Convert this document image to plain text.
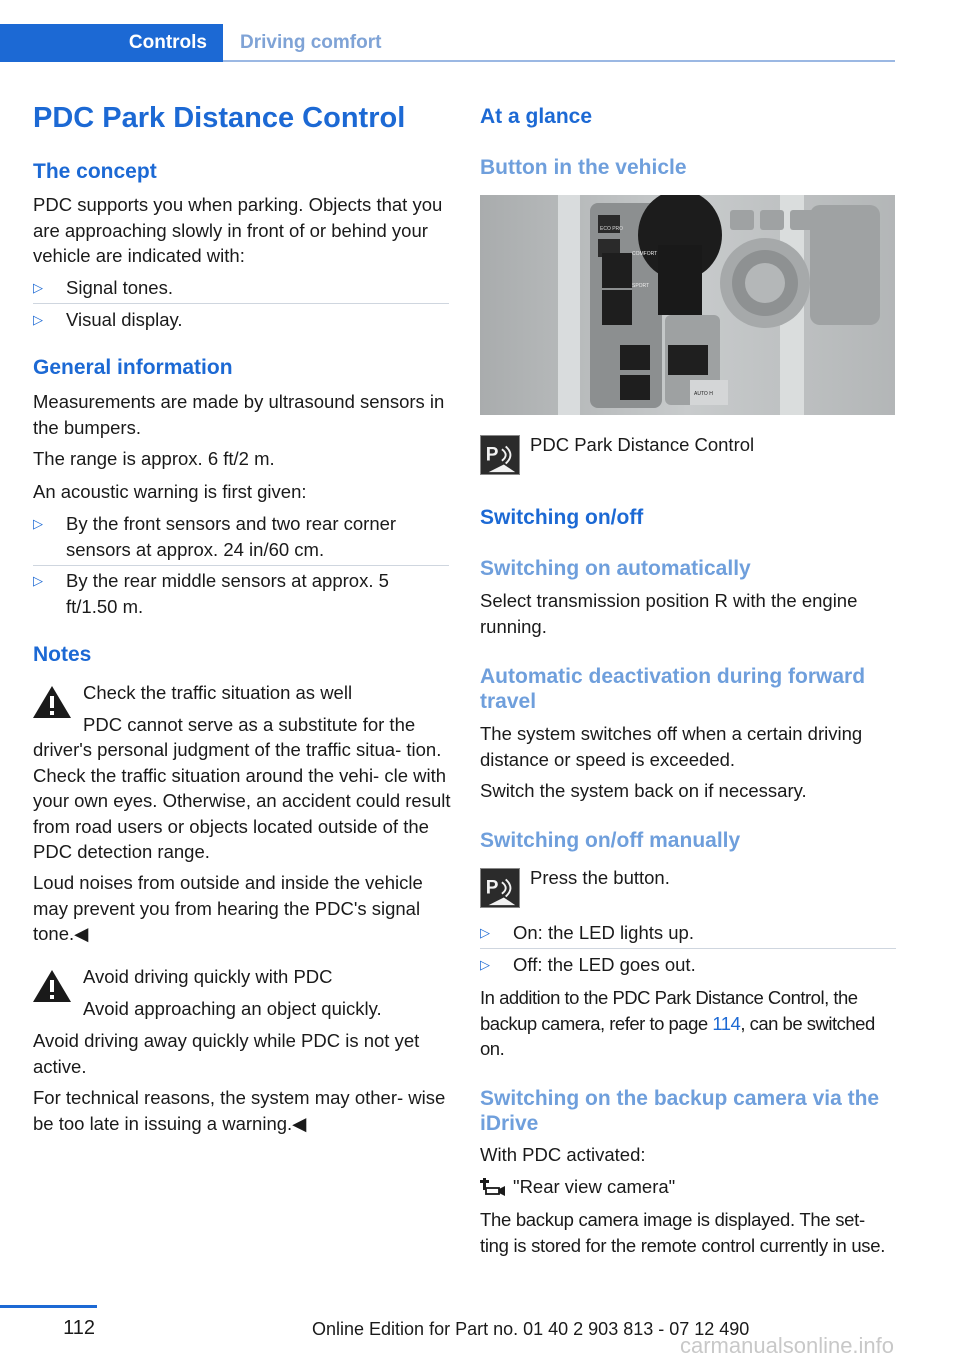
Controls	Driving comfort
PDC Park Distance Control
The concept
PDC supports you when parking. Objects that you are approaching slowly in front of or behind your vehicle are indicated with:
▷ Signal tones.
▷ Visual display.
General information
Measurements are made by ultrasound sensors in the bumpers.
The range is approx. 6 ft/2 m.
An acoustic warning is first given:
▷ By the front sensors and two rear corner sensors at approx. 24 in/60 cm.
▷ By the rear middle sensors at approx. 5 ft/1.50 m.
Notes
Check the traffic situation as well
PDC cannot serve as a substitute for the
driver's personal judgment of the traffic situa‐ tion. Check the traffic situation around the vehi‐ cle with your own eyes. Otherwise, an accident could result from road users or objects located outside of the PDC detection range.
Loud noises from outside and inside the vehicle may prevent you from hearing the PDC's signal tone.◀
Avoid driving quickly with PDC
Avoid approaching an object quickly.
Avoid driving away quickly while PDC is not yet active.
For technical reasons, the system may other‐ wise be too late in issuing a warning.◀
At a glance
Button in the vehicle
ECO PRO
COMFORT
SPORT
AUTO H
P
PDC Park Distance Control
Switching on/off
Switching on automatically
Select transmission position R with the engine running.
Automatic deactivation during forward travel
The system switches off when a certain driving distance or speed is exceeded.
Switch the system back on if necessary.
Switching on/off manually
P
Press the button.
▷ On: the LED lights up.
▷ Off: the LED goes out.
In addition to the PDC Park Distance Control, the backup camera, refer to page 114, can be switched on.
Switching on the backup camera via the iDrive
With PDC activated:
"Rear view camera"
The backup camera image is displayed. The set‐ ting is stored for the remote control currently in use.
112	Online Edition for Part no. 01 40 2 903 813 - 07 12 490
carmanualsonline.info
